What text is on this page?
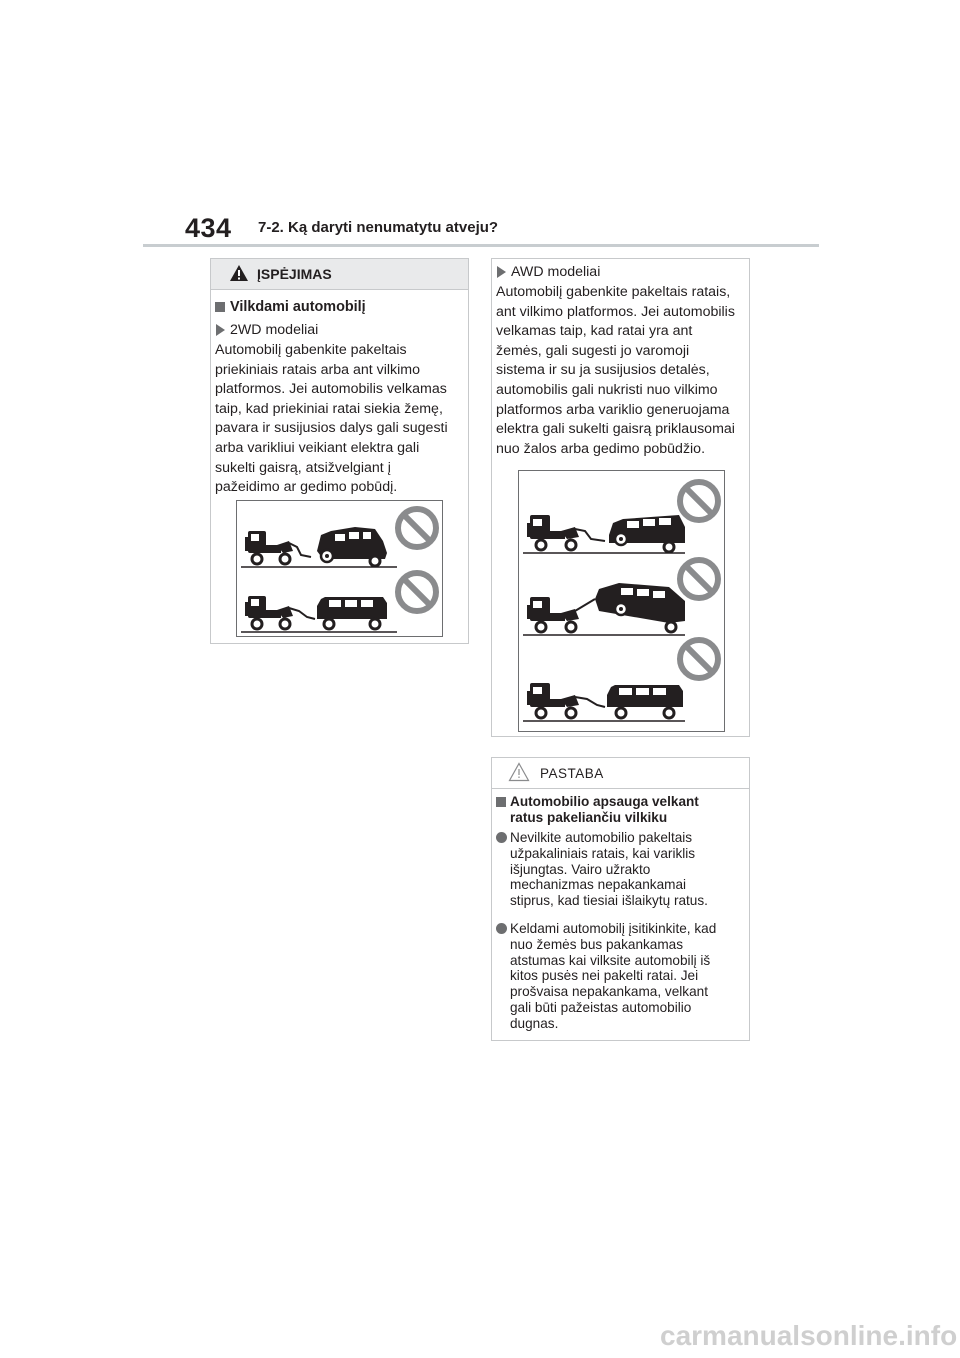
434 7-2. Ką daryti nenumatytu atveju?
ĮSPĖJIMAS
Vilkdami automobilį
2WD modeliai
Automobilį gabenkite pakeltais
priekiniais ratais arba ant vilkimo
platformos. Jei automobilis velkamas
taip, kad priekiniai ratai siekia žemę,
pavara ir susijusios dalys gali sugesti
arba varikliui veikiant elektra gali
sukelti gaisrą, atsižvelgiant į
pažeidimo ar gedimo pobūdį.
AWD modeliai
Automobilį gabenkite pakeltais ratais,
ant vilkimo platformos. Jei automobilis
velkamas taip, kad ratai yra ant
žemės, gali sugesti jo varomoji
sistema ir su ja susijusios detalės,
automobilis gali nukristi nuo vilkimo
platformos arba variklio generuojama
elektra gali sukelti gaisrą priklausomai
nuo žalos arba gedimo pobūdžio.
PASTABA
Automobilio apsauga velkant
ratus pakeliančiu vilkiku
Nevilkite automobilio pakeltais
užpakaliniais ratais, kai variklis
išjungtas. Vairo užrakto
mechanizmas nepakankamai
stiprus, kad tiesiai išlaikytų ratus.
Keldami automobilį įsitikinkite, kad
nuo žemės bus pakankamas
atstumas kai vilksite automobilį iš
kitos pusės nei pakelti ratai. Jei
prošvaisa nepakankama, velkant
gali būti pažeistas automobilio
dugnas.
carmanualsonline.info
